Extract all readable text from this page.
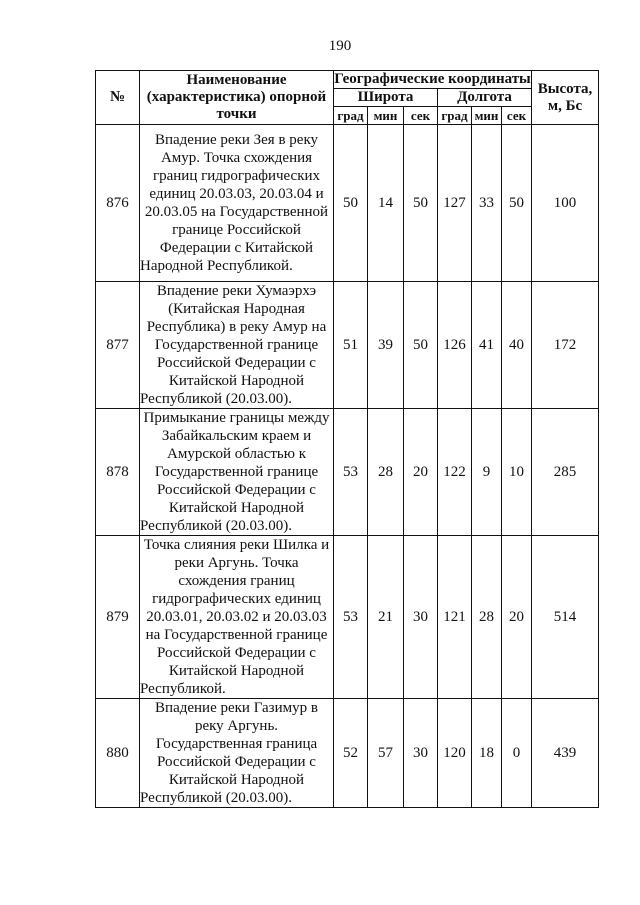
190
№	Наименование (характеристика) опорной точки	Географические координаты						Высота, м, Бс
		Широта			Долгота			
		град	мин	сек	град	мин	сек	
876	Впадение реки Зея в реку Амур. Точка схождения границ гидрографических единиц 20.03.03, 20.03.04 и 20.03.05 на Государственной границе Российской Федерации с Китайской Народной Республикой.	50	14	50	127	33	50	100
877	Впадение реки Хумаэрхэ (Китайская Народная Республика) в реку Амур на Государственной границе Российской Федерации с Китайской Народной Республикой (20.03.00).	51	39	50	126	41	40	172
878	Примыкание границы между Забайкальским краем и Амурской областью к Государственной границе Российской Федерации с Китайской Народной Республикой (20.03.00).	53	28	20	122	9	10	285
879	Точка слияния реки Шилка и реки Аргунь. Точка схождения границ гидрографических единиц 20.03.01, 20.03.02 и 20.03.03 на Государственной границе Российской Федерации с Китайской Народной Республикой.	53	21	30	121	28	20	514
880	Впадение реки Газимур в реку Аргунь. Государственная граница Российской Федерации с Китайской Народной Республикой (20.03.00).	52	57	30	120	18	0	439
